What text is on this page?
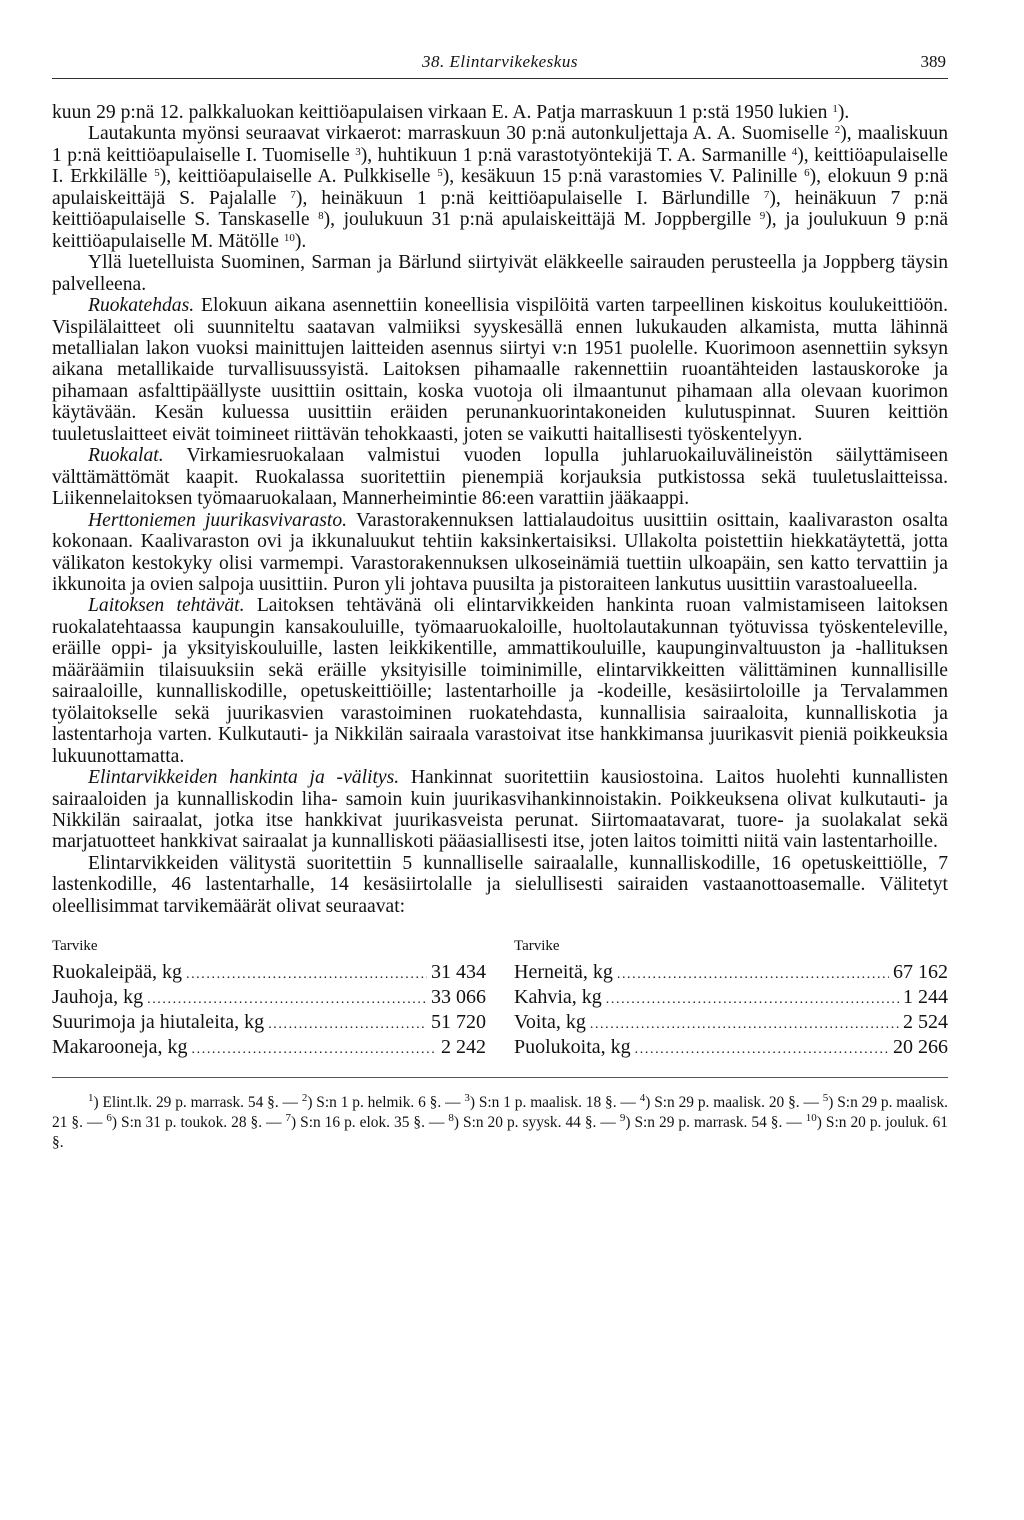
38. Elintarvikekeskus	389

kuun 29 p:nä 12. palkkaluokan keittiöapulaisen virkaan E. A. Patja marraskuun 1 p:stä 1950 lukien $^1$).

Lautakunta myönsi seuraavat virkaerot: marraskuun 30 p:nä autonkuljettaja A. A. Suomiselle $^2$), maaliskuun 1 p:nä keittiöapulaiselle I. Tuomiselle $^3$), huhtikuun 1 p:nä varastotyöntekijä T. A. Sarmanille $^4$), keittiöapulaiselle I. Erkkilälle $^5$), keittiöapulaiselle A. Pulkkiselle $^5$), kesäkuun 15 p:nä varastomies V. Palinille $^6$), elokuun 9 p:nä apulaiskeittäjä S. Pajalalle $^7$), heinäkuun 1 p:nä keittiöapulaiselle I. Bärlundille $^7$), heinäkuun 7 p:nä keittiöapulaiselle S. Tanskaselle $^8$), joulukuun 31 p:nä apulaiskeittäjä M. Joppbergille $^9$), ja joulukuun 9 p:nä keittiöapulaiselle M. Mätölle $^{10}$).

Yllä luetelluista Suominen, Sarman ja Bärlund siirtyivät eläkkeelle sairauden perusteella ja Joppberg täysin palvelleena.

Ruokatehdas. Elokuun aikana asennettiin koneellisia vispilöitä varten tarpeellinen kiskoitus koulukeittiöön. Vispilälaitteet oli suunniteltu saatavan valmiiksi syyskesällä ennen lukukauden alkamista, mutta lähinnä metallialan lakon vuoksi mainittujen laitteiden asennus siirtyi v:n 1951 puolelle. Kuorimoon asennettiin syksyn aikana metallikaide turvallisuussyistä. Laitoksen pihamaalle rakennettiin ruoantähteiden lastauskoroke ja pihamaan asfalttipäällyste uusittiin osittain, koska vuotoja oli ilmaantunut pihamaan alla olevaan kuorimon käytävään. Kesän kuluessa uusittiin eräiden perunankuorintakoneiden kulutuspinnat. Suuren keittiön tuuletuslaitteet eivät toimineet riittävän tehokkaasti, joten se vaikutti haitallisesti työskentelyyn.

Ruokalat. Virkamiesruokalaan valmistui vuoden lopulla juhlaruokailuvälineistön säilyttämiseen välttämättömät kaapit. Ruokalassa suoritettiin pienempiä korjauksia putkistossa sekä tuuletuslaitteissa. Liikennelaitoksen työmaaruokalaan, Mannerheimintie 86:een varattiin jääkaappi.

Herttoniemen juurikasvivarasto. Varastorakennuksen lattialaudoitus uusittiin osittain, kaalivaraston osalta kokonaan. Kaalivaraston ovi ja ikkunaluukut tehtiin kaksinkertaisiksi. Ullakolta poistettiin hiekkatäytettä, jotta välikaton kestokyky olisi varmempi. Varastorakennuksen ulkoseinämiä tuettiin ulkoapäin, sen katto tervattiin ja ikkunoita ja ovien salpoja uusittiin. Puron yli johtava puusilta ja pistoraiteen lankutus uusittiin varastoalueella.

Laitoksen tehtävät. Laitoksen tehtävänä oli elintarvikkeiden hankinta ruoan valmistamiseen laitoksen ruokalatehtaassa kaupungin kansakouluille, työmaaruokaloille, huoltolautakunnan työtuvissa työskenteleville, eräille oppi- ja yksityiskouluille, lasten leikkikentille, ammattikouluille, kaupunginvaltuuston ja -hallituksen määräämiin tilaisuuksiin sekä eräille yksityisille toiminimille, elintarvikkeitten välittäminen kunnallisille sairaaloille, kunnalliskodille, opetuskeittiöille; lastentarhoille ja -kodeille, kesäsiirtoloille ja Tervalammen työlaitokselle sekä juurikasvien varastoiminen ruokatehdasta, kunnallisia sairaaloita, kunnalliskotia ja lastentarhoja varten. Kulkutauti- ja Nikkilän sairaala varastoivat itse hankkimansa juurikasvit pieniä poikkeuksia lukuunottamatta.

Elintarvikkeiden hankinta ja -välitys. Hankinnat suoritettiin kausiostoina. Laitos huolehti kunnallisten sairaaloiden ja kunnalliskodin liha- samoin kuin juurikasvihankinnoistakin. Poikkeuksena olivat kulkutauti- ja Nikkilän sairaalat, jotka itse hankkivat juurikasveista perunat. Siirtomaatavarat, tuore- ja suolakalat sekä marjatuotteet hankkivat sairaalat ja kunnalliskoti pääasiallisesti itse, joten laitos toimitti niitä vain lastentarhoille.

Elintarvikkeiden välitystä suoritettiin 5 kunnalliselle sairaalalle, kunnalliskodille, 16 opetuskeittiölle, 7 lastenkodille, 46 lastentarhalle, 14 kesäsiirtolalle ja sielullisesti sairaiden vastaanottoasemalle. Välitetyt oleellisimmat tarvikemäärät olivat seuraavat:

Tarvike
Ruokaleipää, kg .....	31 434
Jauhoja, kg .....	33 066
Suurimoja ja hiutaleita, kg .....	51 720
Makarooneja, kg .....	2 242
Tarvike
Herneitä, kg .....	67 162
Kahvia, kg .....	1 244
Voita, kg .....	2 524
Puolukoita, kg .....	20 266

$^1$) Elint.lk. 29 p. marrask. 54 §. — $^2$) S:n 1 p. helmik. 6 §. — $^3$) S:n 1 p. maalisk. 18 §. — $^4$) S:n 29 p. maalisk. 20 §. — $^5$) S:n 29 p. maalisk. 21 §. — $^6$) S:n 31 p. toukok. 28 §. — $^7$) S:n 16 p. elok. 35 §. — $^8$) S:n 20 p. syysk. 44 §. — $^9$) S:n 29 p. marrask. 54 §. — $^{10}$) S:n 20 p. jouluk. 61 §.
